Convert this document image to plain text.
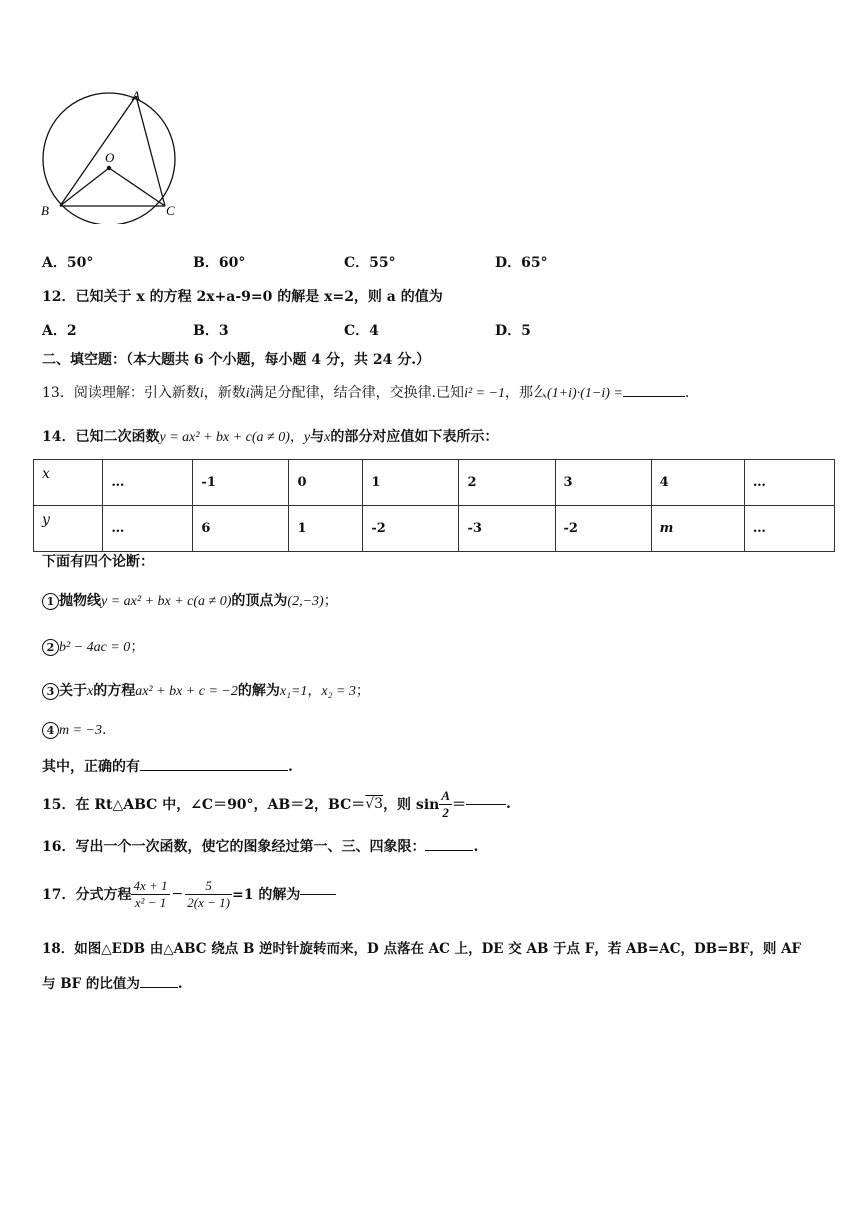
A
O
B	C
A．50°	B．60°	C．55°	D．65°
12．已知关于 x 的方程 2x+a-9=0 的解是 x=2，则 a 的值为
A．2	B．3	C．4	D．5
二、填空题：（本大题共 6 个小题，每小题 4 分，共 24 分.）
13．阅读理解：引入新数i，新数i满足分配律，结合律，交换律.已知i² = −1，那么(1+i)·(1−i) =	.
14．已知二次函数y = ax² + bx + c(a ≠ 0)，y与x的部分对应值如下表所示：
x	…	-1	0	1	2	3	4	…
y	…	6	1	-2	-3	-2	m	…
下面有四个论断：
1 抛物线y = ax² + bx + c(a ≠ 0)的顶点为(2,−3)；
2 b² − 4ac = 0；
3 关于x的方程ax² + bx + c = −2的解为x₁=1，x₂ = 3；
4 m = −3.
其中，正确的有	.
15．在 Rt△ABC 中，∠C＝90°，AB＝2，BC＝ √3 ，则 $\sin \frac{A}{2}$ ＝	.
16．写出一个一次函数，使它的图象经过第一、三、四象限：	.
17．分式方程 $\frac{4x + 1}{\text{x² − 1}} - \frac{5}{2(x - 1)} =1$ 的解为
18．如图△EDB 由△ABC 绕点 B 逆时针旋转而来，D 点落在 AC 上，DE 交 AB 于点 F，若 AB=AC，DB=BF，则 AF
与 BF 的比值为	.
